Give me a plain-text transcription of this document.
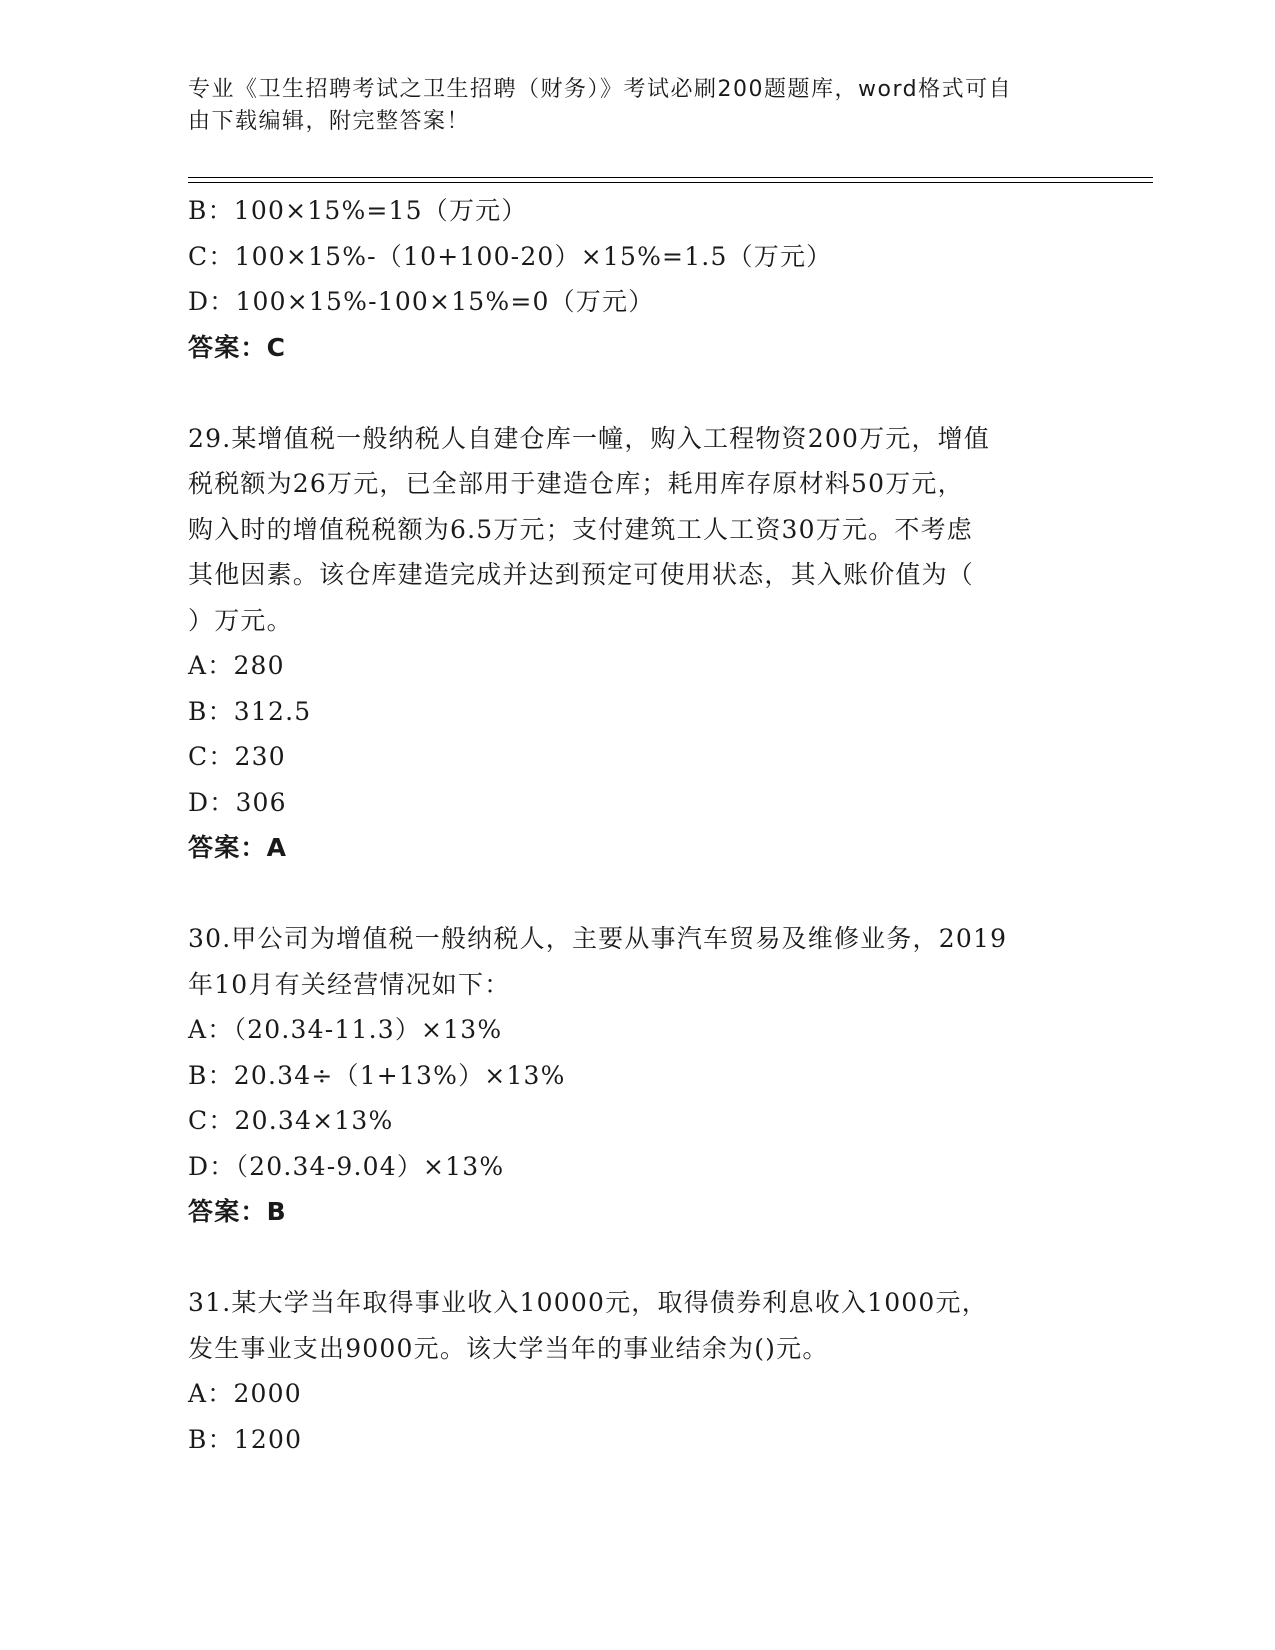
专业《卫生招聘考试之卫生招聘（财务）》考试必刷200题题库，word格式可自
由下载编辑，附完整答案！
B：100×15%=15（万元）
C：100×15%-（10+100-20）×15%=1.5（万元）
D：100×15%-100×15%=0（万元）
答案：C
29.某增值税一般纳税人自建仓库一幢，购入工程物资200万元，增值
税税额为26万元，已全部用于建造仓库；耗用库存原材料50万元，
购入时的增值税税额为6.5万元；支付建筑工人工资30万元。不考虑
其他因素。该仓库建造完成并达到预定可使用状态，其入账价值为（
）万元。
A：280
B：312.5
C：230
D：306
答案：A
30.甲公司为增值税一般纳税人，主要从事汽车贸易及维修业务，2019
年10月有关经营情况如下：
A：（20.34-11.3）×13%
B：20.34÷（1+13%）×13%
C：20.34×13%
D：（20.34-9.04）×13%
答案：B
31.某大学当年取得事业收入10000元，取得债券利息收入1000元，
发生事业支出9000元。该大学当年的事业结余为()元。
A：2000
B：1200
